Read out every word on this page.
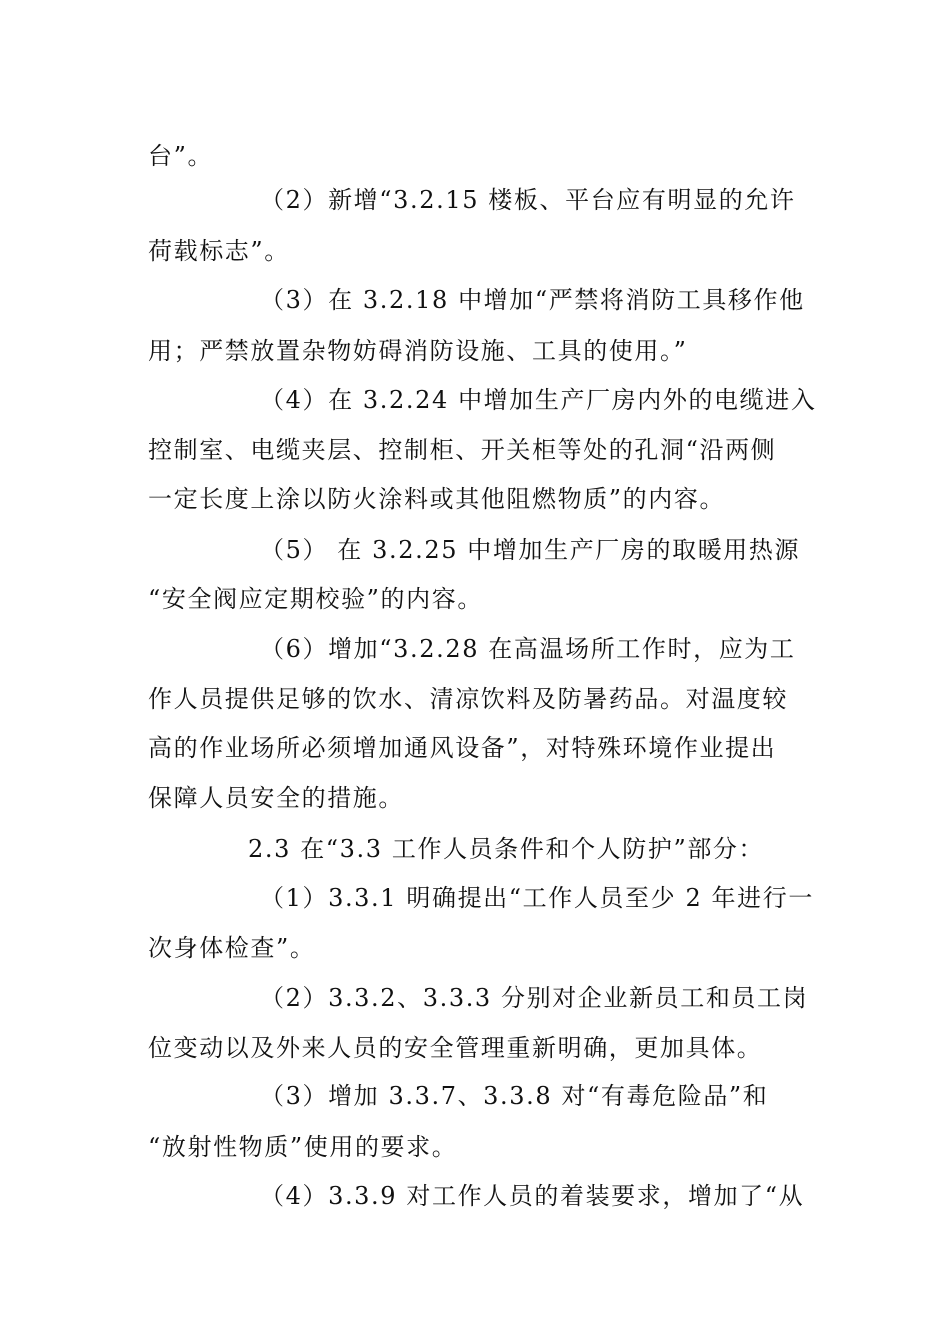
台”。
（2）新增“3.2.15 楼板、平台应有明显的允许
荷载标志”。
（3）在 3.2.18 中增加“严禁将消防工具移作他
用；严禁放置杂物妨碍消防设施、工具的使用。”
（4）在 3.2.24 中增加生产厂房内外的电缆进入
控制室、电缆夹层、控制柜、开关柜等处的孔洞“沿两侧
一定长度上涂以防火涂料或其他阻燃物质”的内容。
（5） 在 3.2.25 中增加生产厂房的取暖用热源
“安全阀应定期校验”的内容。
（6）增加“3.2.28 在高温场所工作时，应为工
作人员提供足够的饮水、清凉饮料及防暑药品。对温度较
高的作业场所必须增加通风设备”，对特殊环境作业提出
保障人员安全的措施。
2.3 在“3.3 工作人员条件和个人防护”部分：
（1）3.3.1 明确提出“工作人员至少 2 年进行一
次身体检查”。
（2）3.3.2、3.3.3 分别对企业新员工和员工岗
位变动以及外来人员的安全管理重新明确，更加具体。
（3）增加 3.3.7、3.3.8 对“有毒危险品”和
“放射性物质”使用的要求。
（4）3.3.9 对工作人员的着装要求，增加了“从
